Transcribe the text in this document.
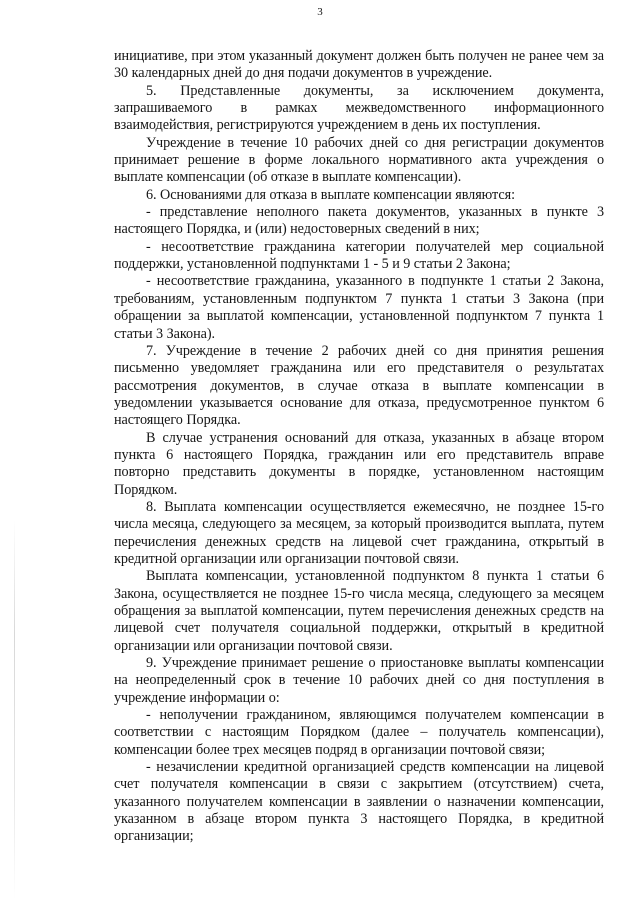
3

инициативе, при этом указанный документ должен быть получен не ранее чем за 30 календарных дней до дня подачи документов в учреждение.

5. Представленные документы, за исключением документа, запрашиваемого в рамках межведомственного информационного взаимодействия, регистрируются учреждением в день их поступления.

Учреждение в течение 10 рабочих дней со дня регистрации документов принимает решение в форме локального нормативного акта учреждения о выплате компенсации (об отказе в выплате компенсации).

6. Основаниями для отказа в выплате компенсации являются:

- представление неполного пакета документов, указанных в пункте 3 настоящего Порядка, и (или) недостоверных сведений в них;

- несоответствие гражданина категории получателей мер социальной поддержки, установленной подпунктами 1 - 5 и 9 статьи 2 Закона;

- несоответствие гражданина, указанного в подпункте 1 статьи 2 Закона, требованиям, установленным подпунктом 7 пункта 1 статьи 3 Закона (при обращении за выплатой компенсации, установленной подпунктом 7 пункта 1 статьи 3 Закона).

7. Учреждение в течение 2 рабочих дней со дня принятия решения письменно уведомляет гражданина или его представителя о результатах рассмотрения документов, в случае отказа в выплате компенсации в уведомлении указывается основание для отказа, предусмотренное пунктом 6 настоящего Порядка.

В случае устранения оснований для отказа, указанных в абзаце втором пункта 6 настоящего Порядка, гражданин или его представитель вправе повторно представить документы в порядке, установленном настоящим Порядком.

8. Выплата компенсации осуществляется ежемесячно, не позднее 15-го числа месяца, следующего за месяцем, за который производится выплата, путем перечисления денежных средств на лицевой счет гражданина, открытый в кредитной организации или организации почтовой связи.

Выплата компенсации, установленной подпунктом 8 пункта 1 статьи 6 Закона, осуществляется не позднее 15-го числа месяца, следующего за месяцем обращения за выплатой компенсации, путем перечисления денежных средств на лицевой счет получателя социальной поддержки, открытый в кредитной организации или организации почтовой связи.

9. Учреждение принимает решение о приостановке выплаты компенсации на неопределенный срок в течение 10 рабочих дней со дня поступления в учреждение информации о:

- неполучении гражданином, являющимся получателем компенсации в соответствии с настоящим Порядком (далее – получатель компенсации), компенсации более трех месяцев подряд в организации почтовой связи;

- незачислении кредитной организацией средств компенсации на лицевой счет получателя компенсации в связи с закрытием (отсутствием) счета, указанного получателем компенсации в заявлении о назначении компенсации, указанном в абзаце втором пункта 3 настоящего Порядка, в кредитной организации;
